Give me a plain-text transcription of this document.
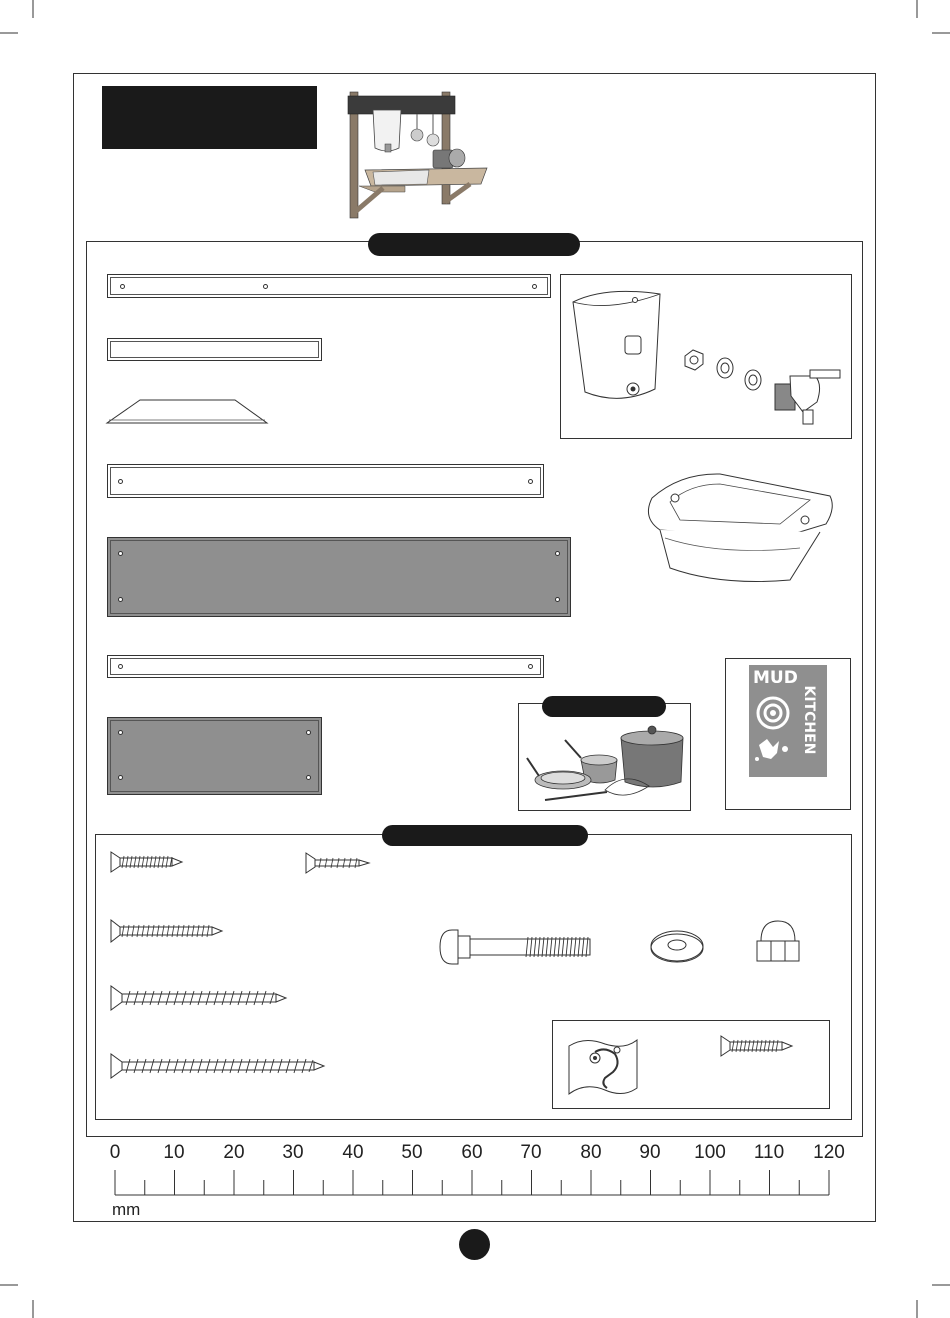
MUD
KITCHEN
0	10	20	30	40	50	60	70	80	90	100	110	120
mm
